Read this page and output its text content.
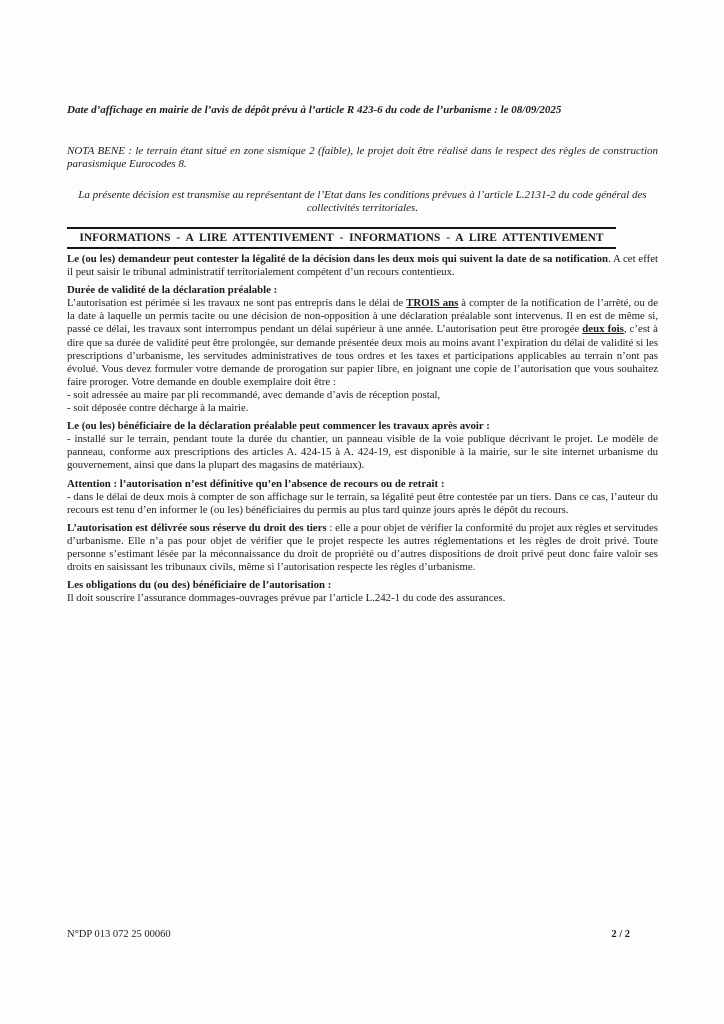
Date d’affichage en mairie de l’avis de dépôt prévu à l’article R 423-6 du code de l’urbanisme : le 08/09/2025
NOTA BENE : le terrain étant situé en zone sismique 2 (faible), le projet doit être réalisé dans le respect des règles de construction parasismique Eurocodes 8.
La présente décision est transmise au représentant de l’Etat dans les conditions prévues à l’article L.2131-2 du code général des collectivités territoriales.
INFORMATIONS - A LIRE ATTENTIVEMENT - INFORMATIONS - A LIRE ATTENTIVEMENT
Le (ou les) demandeur peut contester la légalité de la décision dans les deux mois qui suivent la date de sa notification. A cet effet il peut saisir le tribunal administratif territorialement compétent d’un recours contentieux.
Durée de validité de la déclaration préalable :
L’autorisation est périmée si les travaux ne sont pas entrepris dans le délai de TROIS ans à compter de la notification de l’arrêté, ou de la date à laquelle un permis tacite ou une décision de non-opposition à une déclaration préalable sont intervenus. Il en est de même si, passé ce délai, les travaux sont interrompus pendant un délai supérieur à une année. L’autorisation peut être prorogée deux fois, c’est à dire que sa durée de validité peut être prolongée, sur demande présentée deux mois au moins avant l’expiration du délai de validité si les prescriptions d’urbanisme, les servitudes administratives de tous ordres et les taxes et participations applicables au terrain n’ont pas évolué. Vous devez formuler votre demande de prorogation sur papier libre, en joignant une copie de l’autorisation que vous souhaitez faire proroger. Votre demande en double exemplaire doit être :
- soit adressée au maire par pli recommandé, avec demande d’avis de réception postal,
- soit déposée contre décharge à la mairie.
Le (ou les) bénéficiaire de la déclaration préalable peut commencer les travaux après avoir :
- installé sur le terrain, pendant toute la durée du chantier, un panneau visible de la voie publique décrivant le projet. Le modèle de panneau, conforme aux prescriptions des articles A. 424-15 à A. 424-19, est disponible à la mairie, sur le site internet urbanisme du gouvernement, ainsi que dans la plupart des magasins de matériaux).
Attention : l’autorisation n’est définitive qu’en l’absence de recours ou de retrait :
- dans le délai de deux mois à compter de son affichage sur le terrain, sa légalité peut être contestée par un tiers. Dans ce cas, l’auteur du recours est tenu d’en informer le (ou les) bénéficiaires du permis au plus tard quinze jours après le dépôt du recours.
L’autorisation est délivrée sous réserve du droit des tiers : elle a pour objet de vérifier la conformité du projet aux règles et servitudes d’urbanisme. Elle n’a pas pour objet de vérifier que le projet respecte les autres réglementations et les règles de droit privé. Toute personne s’estimant lésée par la méconnaissance du droit de propriété ou d’autres dispositions de droit privé peut donc faire valoir ses droits en saisissant les tribunaux civils, même si l’autorisation respecte les règles d’urbanisme.
Les obligations du (ou des) bénéficiaire de l’autorisation :
Il doit souscrire l’assurance dommages-ouvrages prévue par l’article L.242-1 du code des assurances.
N°DP 013 072 25 00060	2 / 2
